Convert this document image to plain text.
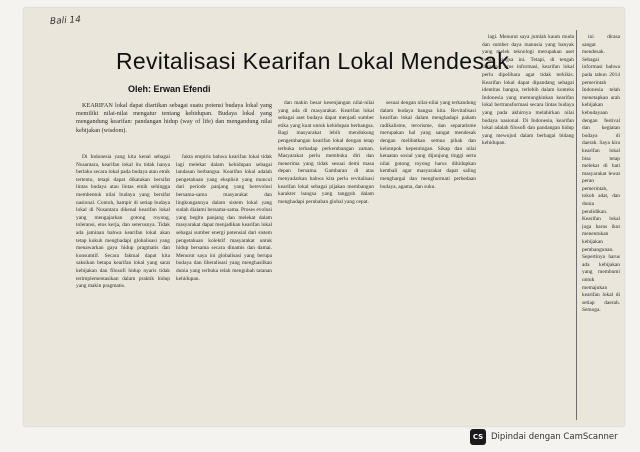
Bali 14
Revitalisasi Kearifan Lokal Mendesak
Oleh: Erwan Efendi

KEARIFAN lokal dapat diartikan sebagai suatu potensi budaya lokal yang memiliki nilai-nilai mengatur tentang kehidupan. Budaya lokal yang mengandung kearifan: pandangan hidup (way of life) dan mengandung nilai kebijakan (wisdom).

Di Indonesia yang kita kenal sebagai Nusantara, kearifan lokal itu tidak hanya berlaku secara lokal pada budaya atau etnik tertentu, tetapi dapat dikatakan bersifat lintas budaya atau lintas etnik sehingga membentuk nilai budaya yang bersifat nasional. Contoh, hampir di setiap budaya lokal di Nusantara dikenal kearifan lokal yang mengajarkan gotong royong, toleransi, etos kerja, dan seterusnya. Tidak ada jaminan bahwa kearifan lokal akan tetap kukuh menghadapi globalisasi yang menawarkan gaya hidup pragmatis dan konsumtif. Secara faktual dapat kita saksikan betapa kearifan lokal yang sarat kebijakan dan filosofi hidup nyaris tidak terimplementasikan dalam praktik hidup yang makin pragmatis.

fakta empiris bahwa kearifan lokal tidak lagi melekat dalam kehidupan sebagai landasan berbangsa. Kearifan lokal adalah pengetahuan yang eksplisit yang muncul dari periode panjang yang berevolusi bersama-sama masyarakat dan lingkungannya dalam sistem lokal yang sudah dialami bersama-sama. Proses evolusi yang begitu panjang dan melekat dalam masyarakat dapat menjadikan kearifan lokal sebagai sumber energi potensial dari sistem pengetahuan kolektif masyarakat untuk hidup bersama secara dinamis dan damai. Menurut saya ini globalisasi yang berupa budaya dan liberalisasi yang menghasilkan dunia yang terbuka telah mengubah tatanan kehidupan.

dan makin besar kesenjangan nilai-nilai yang ada di masyarakat. Kearifan lokal sebagai aset budaya dapat menjadi sumber etika yang kuat untuk kehidupan berbangsa. Bagi masyarakat lebih mendukung pengembangan kearifan lokal dengan tetap terbuka terhadap perkembangan zaman. Masyarakat perlu membuka diri dan menerima yang tidak sesuai demi masa depan bersama. Gambaran di atas menyadarkan bahwa kita perlu revitalisasi kearifan lokal sebagai pijakan membangun karakter bangsa yang tangguh dalam menghadapi perubahan global yang cepat.

sesuai dengan nilai-nilai yang terkandung dalam budaya bangsa kita. Revitalisasi kearifan lokal dalam menghadapi paham radikalisme, terorisme, dan separatisme merupakan hal yang sangat mendesak dengan melibatkan semua pihak dan kelompok kepentingan. Sikap dan nilai ketaatan sosial yang dijunjung tinggi serta nilai gotong royong harus dihidupkan kembali agar masyarakat dapat saling menghargai dan menghormati perbedaan budaya, agama, dan suku.

lagi. Menurut saya jumlah kaum muda dan sumber daya manusia yang banyak yang melek teknologi merupakan aset besar bangsa ini. Tetapi, di tengah derasnya arus informasi, kearifan lokal perlu dipelihara agar tidak terkikis. Kearifan lokal dapat dipandang sebagai identitas bangsa, terlebih dalam konteks Indonesia yang memungkinkan kearifan lokal bertransformasi secara lintas budaya yang pada akhirnya melahirkan nilai budaya nasional. Di Indonesia, kearifan lokal adalah filosofi dan pandangan hidup yang mewujud dalam berbagai bidang kehidupan.

ini dirasa sangat mendesak. Sebagai informasi bahwa pada tahun 2014 pemerintah Indonesia telah menetapkan arah kebijakan kebudayaan dengan festival dan kegiatan budaya di daerah. Saya kira kearifan lokal bisa tetap melekat di hati masyarakat lewat peran pemerintah, tokoh adat, dan dunia pendidikan. Kearifan lokal juga harus ikut menentukan kebijakan pembangunan. Sepertinya harus ada kebijakan yang membumi untuk memajukan kearifan lokal di setiap daerah. Semoga.

CS Dipindai dengan CamScanner
